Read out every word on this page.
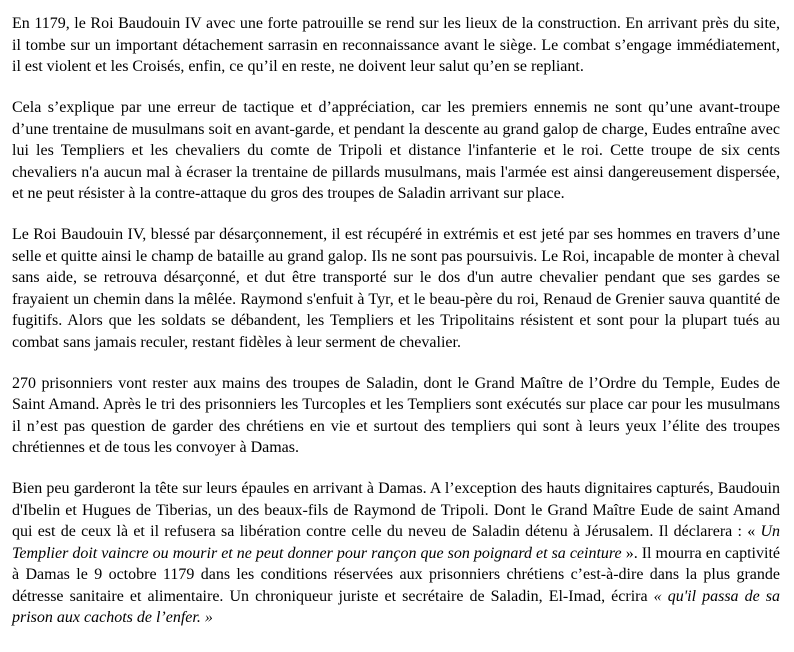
En 1179, le Roi Baudouin IV avec une forte patrouille se rend sur les lieux de la construction. En arrivant près du site, il tombe sur un important détachement sarrasin en reconnaissance avant le siège. Le combat s’engage immédiatement, il est violent et les Croisés, enfin, ce qu’il en reste, ne doivent leur salut qu’en se repliant.

Cela s’explique par une erreur de tactique et d’appréciation, car les premiers ennemis ne sont qu’une avant-troupe d’une trentaine de musulmans soit en avant-garde, et pendant la descente au grand galop de charge, Eudes entraîne avec lui les Templiers et les chevaliers du comte de Tripoli et distance l'infanterie et le roi. Cette troupe de six cents chevaliers n'a aucun mal à écraser la trentaine de pillards musulmans, mais l'armée est ainsi dangereusement dispersée, et ne peut résister à la contre-attaque du gros des troupes de Saladin arrivant sur place.

Le Roi Baudouin IV, blessé par désarçonnement, il est récupéré in extrémis et est jeté par ses hommes en travers d’une selle et quitte ainsi le champ de bataille au grand galop. Ils ne sont pas poursuivis. Le Roi, incapable de monter à cheval sans aide, se retrouva désarçonné, et dut être transporté sur le dos d'un autre chevalier pendant que ses gardes se frayaient un chemin dans la mêlée. Raymond s'enfuit à Tyr, et le beau-père du roi, Renaud de Grenier sauva quantité de fugitifs. Alors que les soldats se débandent, les Templiers et les Tripolitains résistent et sont pour la plupart tués au combat sans jamais reculer, restant fidèles à leur serment de chevalier.

270 prisonniers vont rester aux mains des troupes de Saladin, dont le Grand Maître de l’Ordre du Temple, Eudes de Saint Amand. Après le tri des prisonniers les Turcoples et les Templiers sont exécutés sur place car pour les musulmans il n’est pas question de garder des chrétiens en vie et surtout des templiers qui sont à leurs yeux l’élite des troupes chrétiennes et de tous les convoyer à Damas.

Bien peu garderont la tête sur leurs épaules en arrivant à Damas. A l’exception des hauts dignitaires capturés, Baudouin d'Ibelin et Hugues de Tiberias, un des beaux-fils de Raymond de Tripoli. Dont le Grand Maître Eude de saint Amand qui est de ceux là et il refusera sa libération contre celle du neveu de Saladin détenu à Jérusalem. Il déclarera : « Un Templier doit vaincre ou mourir et ne peut donner pour rançon que son poignard et sa ceinture ». Il mourra en captivité à Damas le 9 octobre 1179 dans les conditions réservées aux prisonniers chrétiens c’est-à-dire dans la plus grande détresse sanitaire et alimentaire. Un chroniqueur juriste et secrétaire de Saladin, El-Imad, écrira « qu'il passa de sa prison aux cachots de l’enfer. »
